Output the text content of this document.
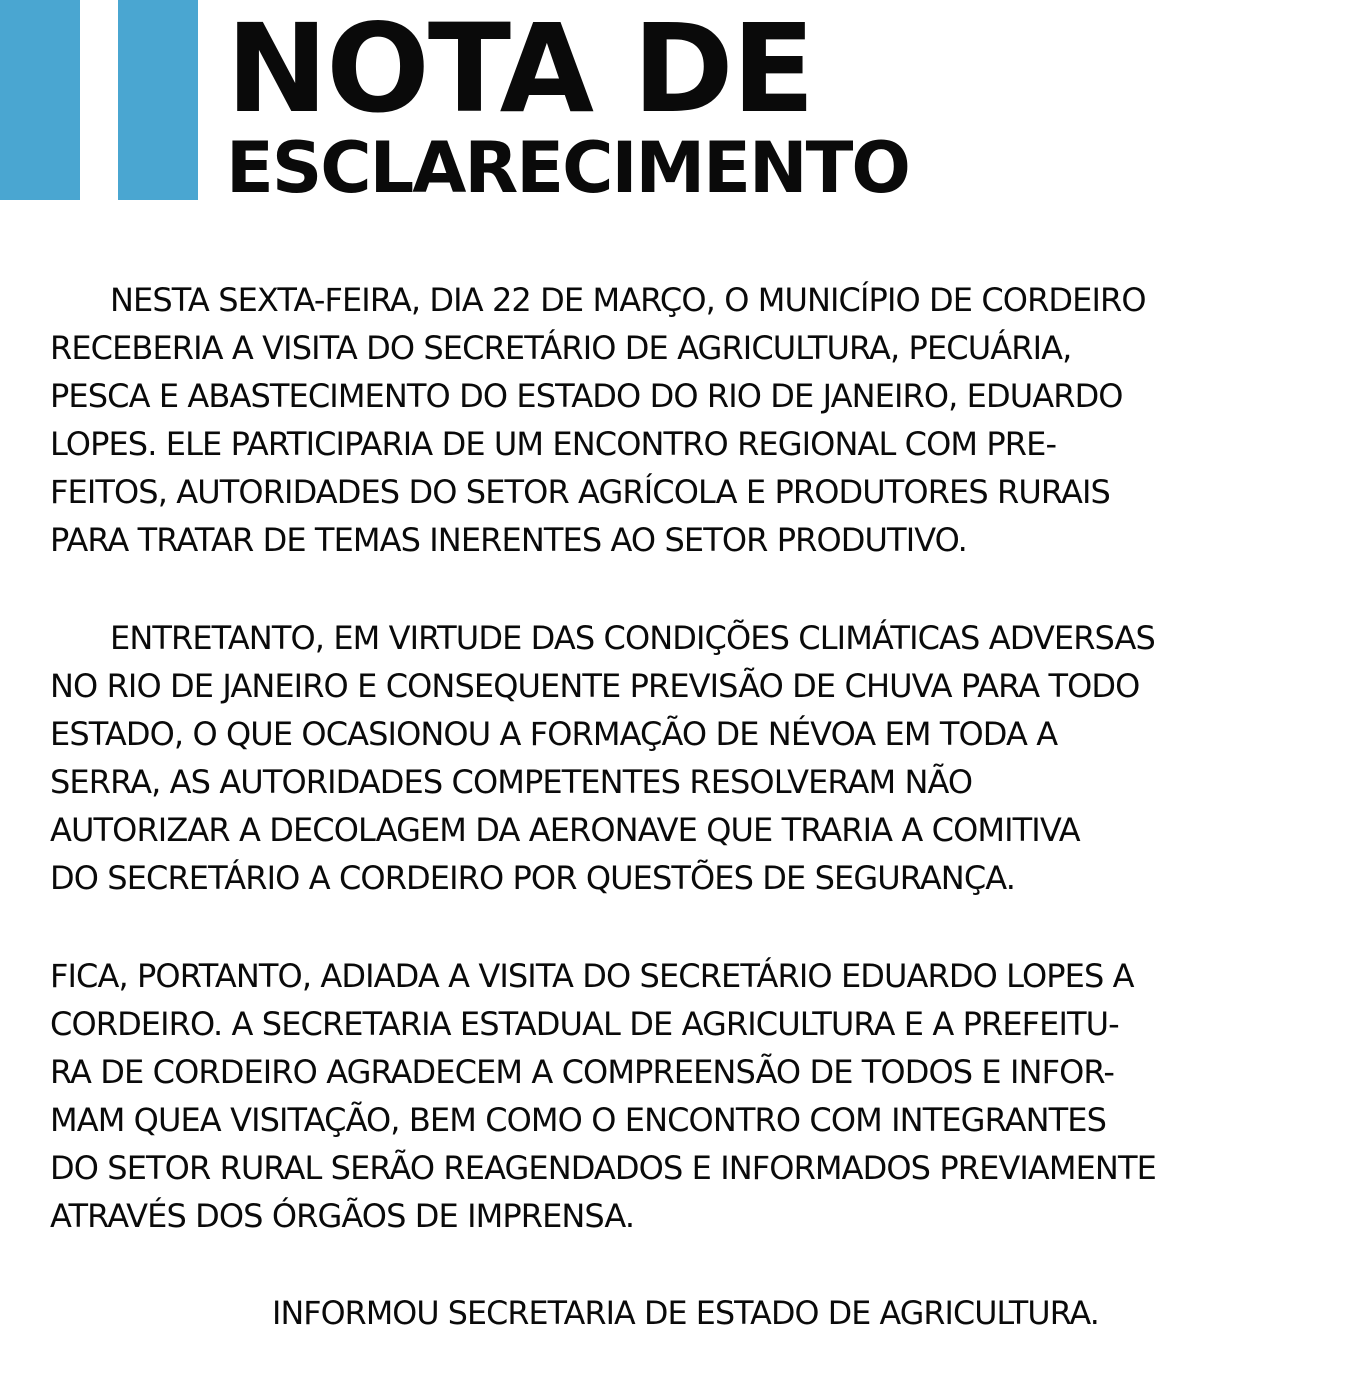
NOTA DE
ESCLARECIMENTO

NESTA SEXTA-FEIRA, DIA 22 DE MARÇO, O MUNICÍPIO DE CORDEIRO
RECEBERIA A VISITA DO SECRETÁRIO DE AGRICULTURA, PECUÁRIA,
PESCA E ABASTECIMENTO DO ESTADO DO RIO DE JANEIRO, EDUARDO
LOPES. ELE PARTICIPARIA DE UM ENCONTRO REGIONAL COM PRE-
FEITOS, AUTORIDADES DO SETOR AGRÍCOLA E PRODUTORES RURAIS
PARA TRATAR DE TEMAS INERENTES AO SETOR PRODUTIVO.

ENTRETANTO, EM VIRTUDE DAS CONDIÇÕES CLIMÁTICAS ADVERSAS
NO RIO DE JANEIRO E CONSEQUENTE PREVISÃO DE CHUVA PARA TODO
ESTADO, O QUE OCASIONOU A FORMAÇÃO DE NÉVOA EM TODA A
SERRA, AS AUTORIDADES COMPETENTES RESOLVERAM NÃO
AUTORIZAR A DECOLAGEM DA AERONAVE QUE TRARIA A COMITIVA
DO SECRETÁRIO A CORDEIRO POR QUESTÕES DE SEGURANÇA.

FICA, PORTANTO, ADIADA A VISITA DO SECRETÁRIO EDUARDO LOPES A
CORDEIRO. A SECRETARIA ESTADUAL DE AGRICULTURA E A PREFEITU-
RA DE CORDEIRO AGRADECEM A COMPREENSÃO DE TODOS E INFOR-
MAM QUEA VISITAÇÃO, BEM COMO O ENCONTRO COM INTEGRANTES
DO SETOR RURAL SERÃO REAGENDADOS E INFORMADOS PREVIAMENTE
ATRAVÉS DOS ÓRGÃOS DE IMPRENSA.

INFORMOU SECRETARIA DE ESTADO DE AGRICULTURA.
